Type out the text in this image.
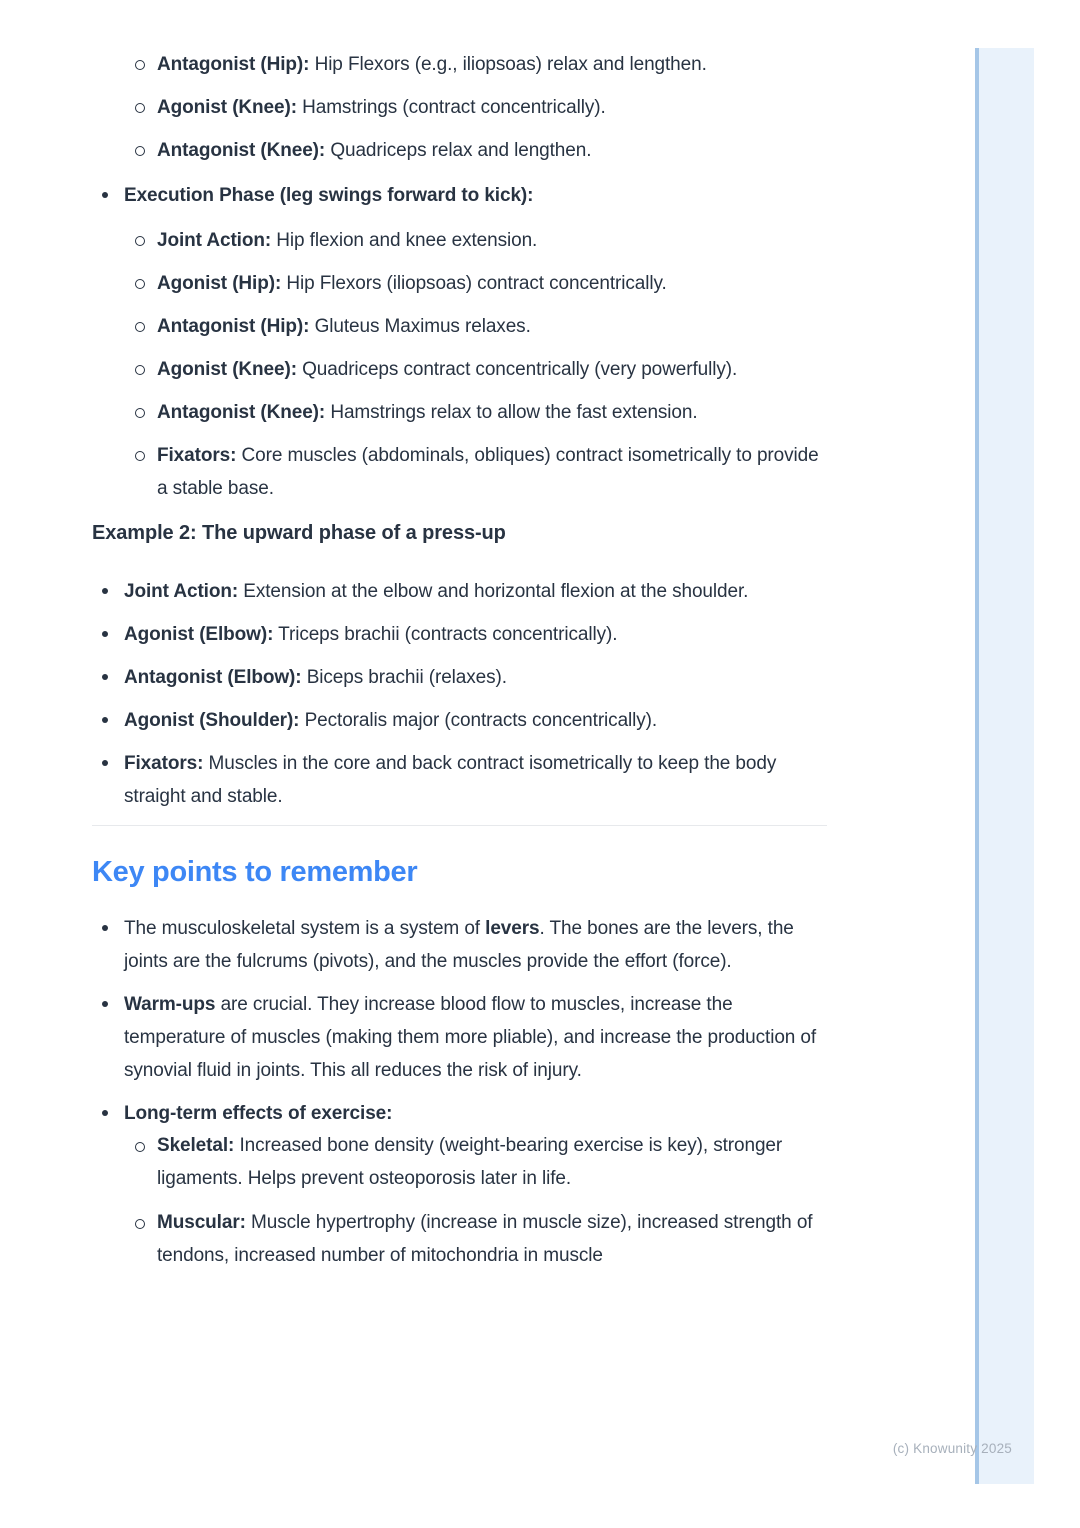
Antagonist (Hip): Hip Flexors (e.g., iliopsoas) relax and lengthen.
Agonist (Knee): Hamstrings (contract concentrically).
Antagonist (Knee): Quadriceps relax and lengthen.
Execution Phase (leg swings forward to kick):
Joint Action: Hip flexion and knee extension.
Agonist (Hip): Hip Flexors (iliopsoas) contract concentrically.
Antagonist (Hip): Gluteus Maximus relaxes.
Agonist (Knee): Quadriceps contract concentrically (very powerfully).
Antagonist (Knee): Hamstrings relax to allow the fast extension.
Fixators: Core muscles (abdominals, obliques) contract isometrically to provide a stable base.

Example 2: The upward phase of a press-up

Joint Action: Extension at the elbow and horizontal flexion at the shoulder.
Agonist (Elbow): Triceps brachii (contracts concentrically).
Antagonist (Elbow): Biceps brachii (relaxes).
Agonist (Shoulder): Pectoralis major (contracts concentrically).
Fixators: Muscles in the core and back contract isometrically to keep the body straight and stable.
Key points to remember
The musculoskeletal system is a system of levers. The bones are the levers, the joints are the fulcrums (pivots), and the muscles provide the effort (force).
Warm-ups are crucial. They increase blood flow to muscles, increase the temperature of muscles (making them more pliable), and increase the production of synovial fluid in joints. This all reduces the risk of injury.
Long-term effects of exercise:
Skeletal: Increased bone density (weight-bearing exercise is key), stronger ligaments. Helps prevent osteoporosis later in life.
Muscular: Muscle hypertrophy (increase in muscle size), increased strength of tendons, increased number of mitochondria in muscle
(c) Knowunity 2025
